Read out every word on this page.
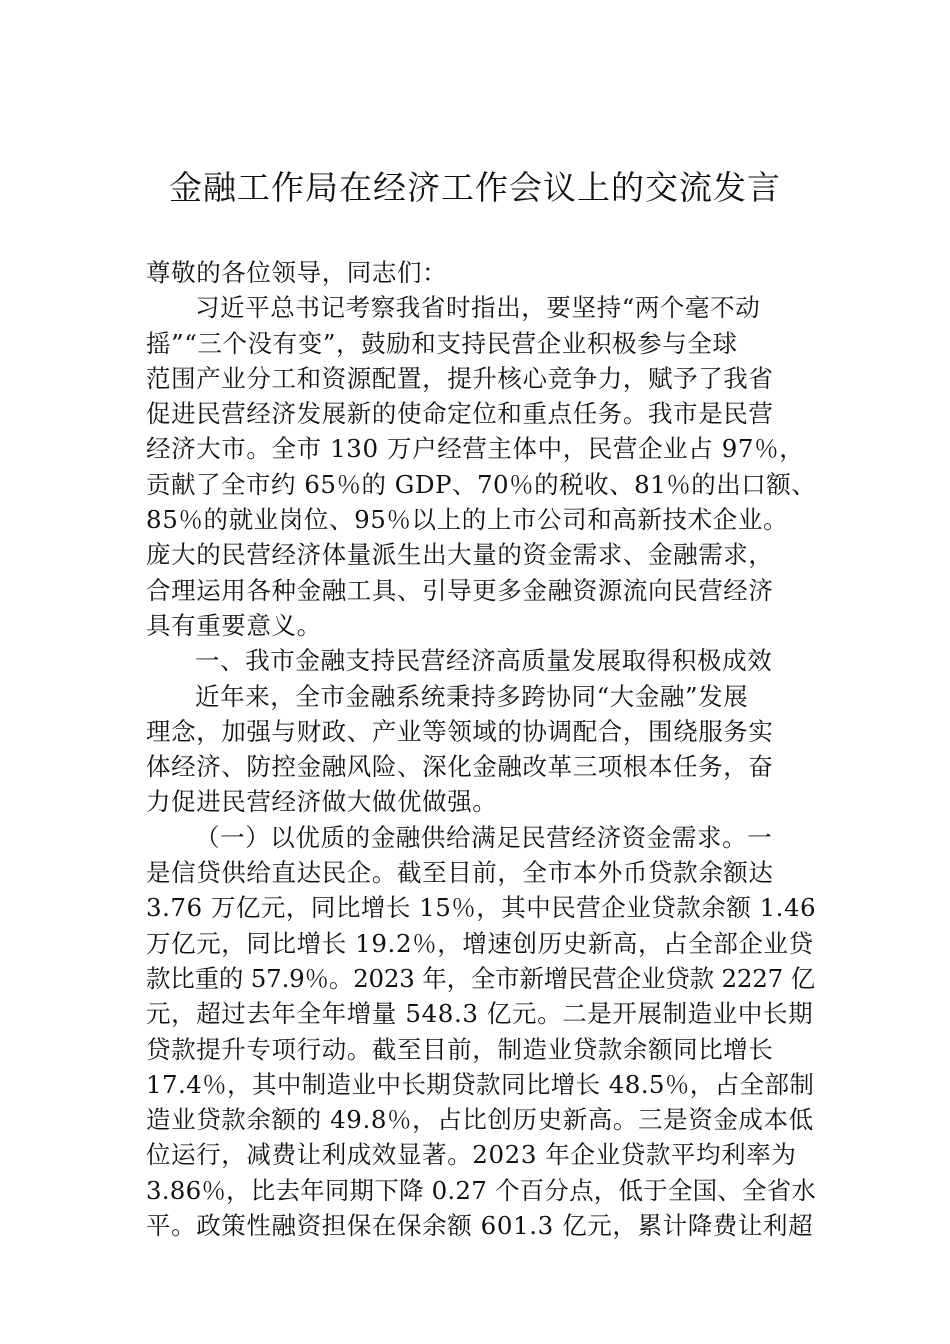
金融工作局在经济工作会议上的交流发言
尊敬的各位领导，同志们：
习近平总书记考察我省时指出，要坚持“两个毫不动
摇”“三个没有变”，鼓励和支持民营企业积极参与全球
范围产业分工和资源配置，提升核心竞争力，赋予了我省
促进民营经济发展新的使命定位和重点任务。我市是民营
经济大市。全市 130 万户经营主体中，民营企业占 97％，
贡献了全市约 65％的 GDP、70％的税收、81％的出口额、
85％的就业岗位、95％以上的上市公司和高新技术企业。
庞大的民营经济体量派生出大量的资金需求、金融需求，
合理运用各种金融工具、引导更多金融资源流向民营经济
具有重要意义。
一、我市金融支持民营经济高质量发展取得积极成效
近年来，全市金融系统秉持多跨协同“大金融”发展
理念，加强与财政、产业等领域的协调配合，围绕服务实
体经济、防控金融风险、深化金融改革三项根本任务，奋
力促进民营经济做大做优做强。
（一）以优质的金融供给满足民营经济资金需求。一
是信贷供给直达民企。截至目前，全市本外币贷款余额达
3.76 万亿元，同比增长 15％，其中民营企业贷款余额 1.46
万亿元，同比增长 19.2％，增速创历史新高，占全部企业贷
款比重的 57.9％。2023 年，全市新增民营企业贷款 2227 亿
元，超过去年全年增量 548.3 亿元。二是开展制造业中长期
贷款提升专项行动。截至目前，制造业贷款余额同比增长
17.4％，其中制造业中长期贷款同比增长 48.5％，占全部制
造业贷款余额的 49.8％，占比创历史新高。三是资金成本低
位运行，减费让利成效显著。2023 年企业贷款平均利率为
3.86％，比去年同期下降 0.27 个百分点，低于全国、全省水
平。政策性融资担保在保余额 601.3 亿元，累计降费让利超
